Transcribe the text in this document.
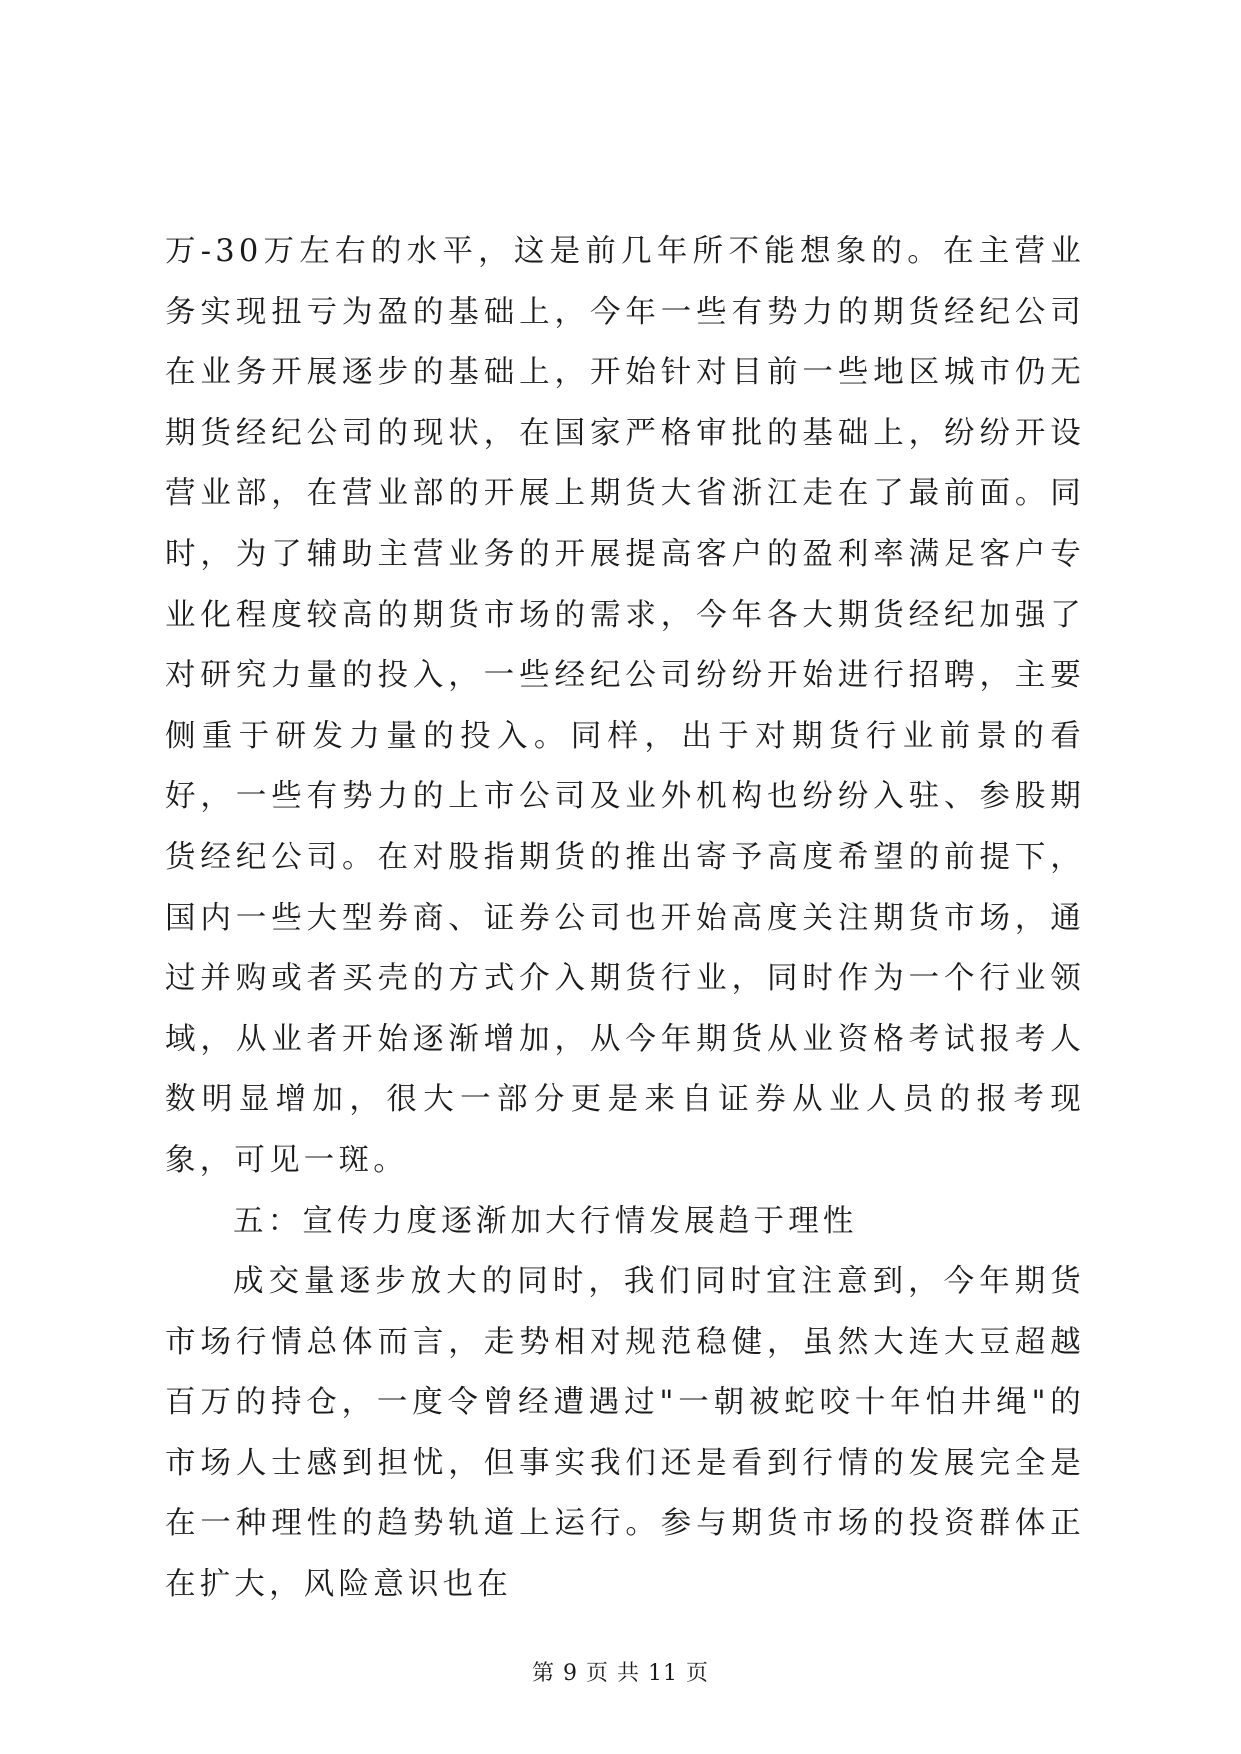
万-30万左右的水平，这是前几年所不能想象的。在主营业务实现扭亏为盈的基础上，今年一些有势力的期货经纪公司在业务开展逐步的基础上，开始针对目前一些地区城市仍无期货经纪公司的现状，在国家严格审批的基础上，纷纷开设营业部，在营业部的开展上期货大省浙江走在了最前面。同时，为了辅助主营业务的开展提高客户的盈利率满足客户专业化程度较高的期货市场的需求，今年各大期货经纪加强了对研究力量的投入，一些经纪公司纷纷开始进行招聘，主要侧重于研发力量的投入。同样，出于对期货行业前景的看好，一些有势力的上市公司及业外机构也纷纷入驻、参股期货经纪公司。在对股指期货的推出寄予高度希望的前提下，国内一些大型券商、证券公司也开始高度关注期货市场，通过并购或者买壳的方式介入期货行业，同时作为一个行业领域，从业者开始逐渐增加，从今年期货从业资格考试报考人数明显增加，很大一部分更是来自证券从业人员的报考现象，可见一斑。

五：宣传力度逐渐加大行情发展趋于理性

成交量逐步放大的同时，我们同时宜注意到，今年期货市场行情总体而言，走势相对规范稳健，虽然大连大豆超越百万的持仓，一度令曾经遭遇过"一朝被蛇咬十年怕井绳"的市场人士感到担忧，但事实我们还是看到行情的发展完全是在一种理性的趋势轨道上运行。参与期货市场的投资群体正在扩大，风险意识也在

第 9 页 共 11 页
